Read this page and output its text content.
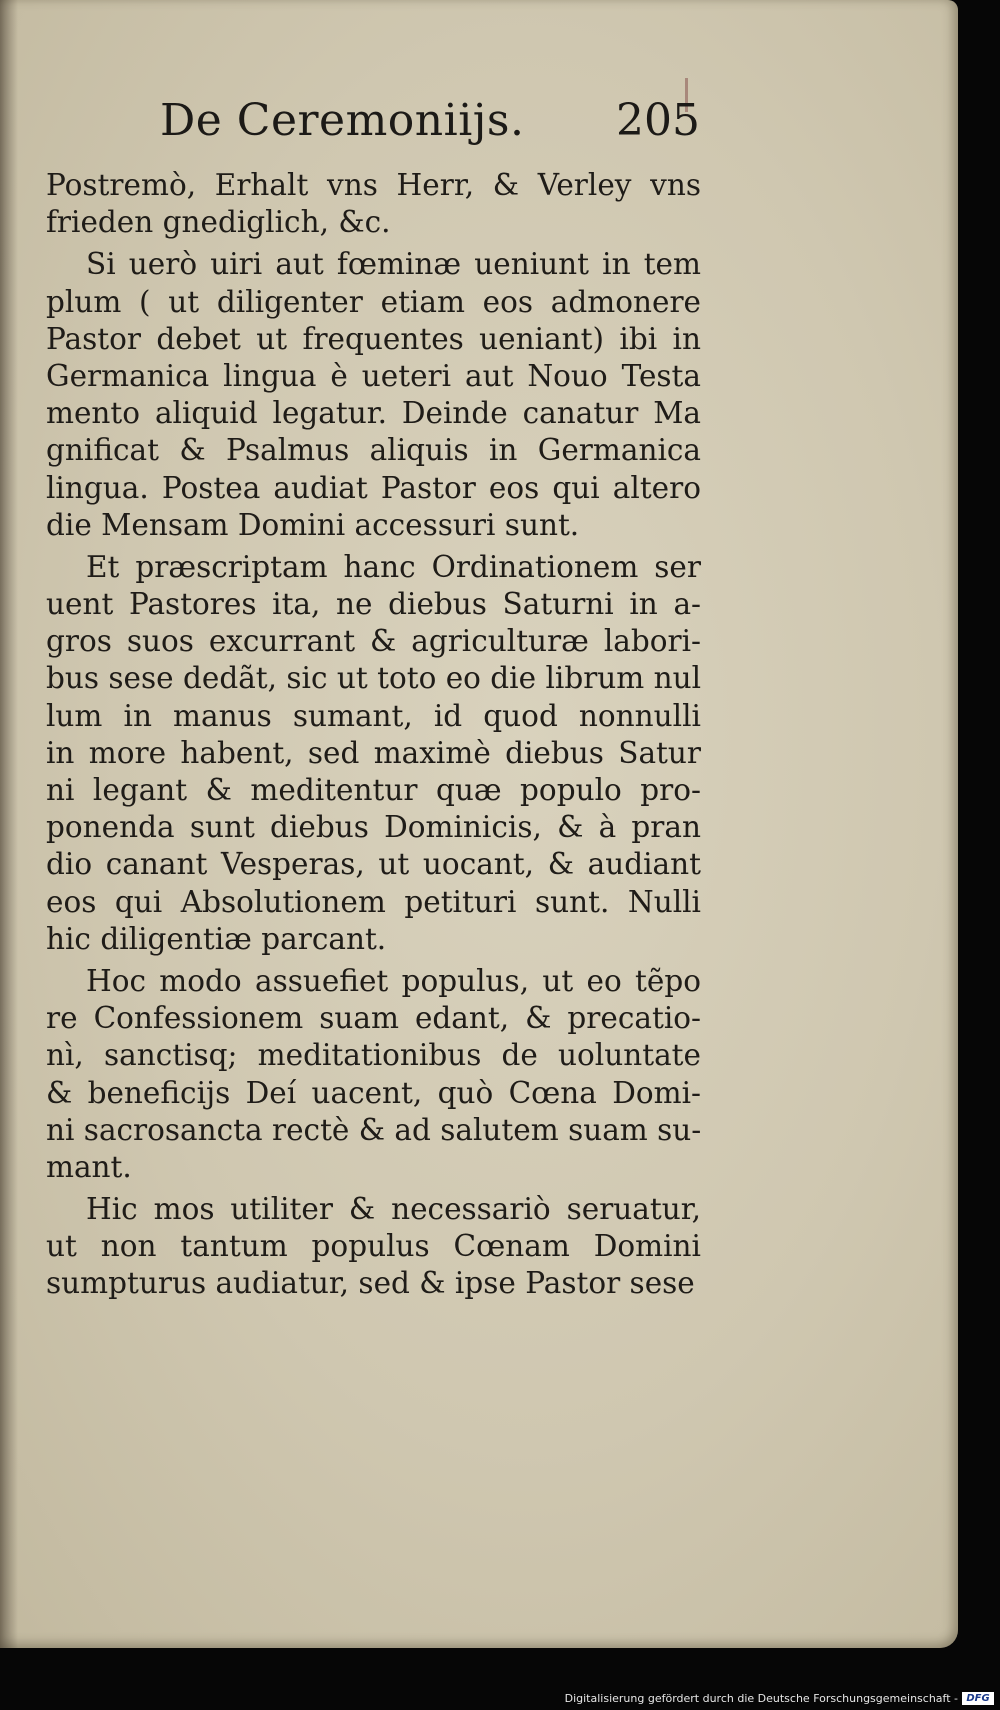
De Ceremoniijs. 205
Postremò, Erhalt vns Herr, & Verley vns
frieden gnediglich, &c.
Si uerò uiri aut fœminæ ueniunt in tem
plum ( ut diligenter etiam eos admonere
Pastor debet ut frequentes ueniant) ibi in
Germanica lingua è ueteri aut Nouo Testa
mento aliquid legatur. Deinde canatur Ma
gnificat & Psalmus aliquis in Germanica
lingua. Postea audiat Pastor eos qui altero
die Mensam Domini accessuri sunt.
Et præscriptam hanc Ordinationem ser
uent Pastores ita, ne diebus Saturni in a-
gros suos excurrant & agriculturæ labori-
bus sese dedãt, sic ut toto eo die librum nul
lum in manus sumant, id quod nonnulli
in more habent, sed maximè diebus Satur
ni legant & meditentur quæ populo pro-
ponenda sunt diebus Dominicis, & à pran
dio canant Vesperas, ut uocant, & audiant
eos qui Absolutionem petituri sunt. Nulli
hic diligentiæ parcant.
Hoc modo assuefiet populus, ut eo tẽpo
re Confessionem suam edant, & precatio-
nì, sanctisq; meditationibus de uoluntate
& beneficijs Deí uacent, quò Cœna Domi-
ni sacrosancta rectè & ad salutem suam su-
mant.
Hic mos utiliter & necessariò seruatur,
ut non tantum populus Cœnam Domini
sumpturus audiatur, sed & ipse Pastor sese
Digitalisierung gefördert durch die Deutsche Forschungsgemeinschaft - DFG
